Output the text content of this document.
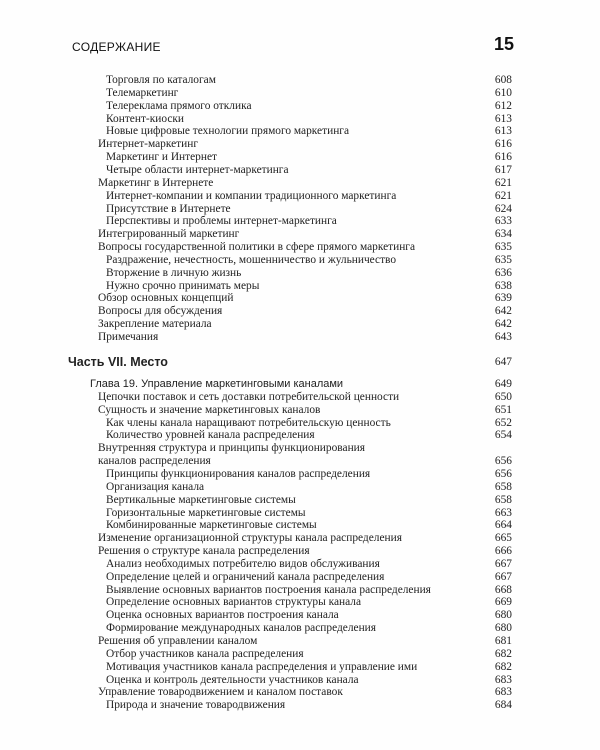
СОДЕРЖАНИЕ	15
Торговля по каталогам	608
Телемаркетинг	610
Телереклама прямого отклика	612
Контент-киоски	613
Новые цифровые технологии прямого маркетинга	613
Интернет-маркетинг	616
Маркетинг и Интернет	616
Четыре области интернет-маркетинга	617
Маркетинг в Интернете	621
Интернет-компании и компании традиционного маркетинга	621
Присутствие в Интернете	624
Перспективы и проблемы интернет-маркетинга	633
Интегрированный маркетинг	634
Вопросы государственной политики в сфере прямого маркетинга	635
Раздражение, нечестность, мошенничество и жульничество	635
Вторжение в личную жизнь	636
Нужно срочно принимать меры	638
Обзор основных концепций	639
Вопросы для обсуждения	642
Закрепление материала	642
Примечания	643
Часть VII. Место	647
Глава 19. Управление маркетинговыми каналами	649
Цепочки поставок и сеть доставки потребительской ценности	650
Сущность и значение маркетинговых каналов	651
Как члены канала наращивают потребительскую ценность	652
Количество уровней канала распределения	654
Внутренняя структура и принципы функционирования
каналов распределения	656
Принципы функционирования каналов распределения	656
Организация канала	658
Вертикальные маркетинговые системы	658
Горизонтальные маркетинговые системы	663
Комбинированные маркетинговые системы	664
Изменение организационной структуры канала распределения	665
Решения о структуре канала распределения	666
Анализ необходимых потребителю видов обслуживания	667
Определение целей и ограничений канала распределения	667
Выявление основных вариантов построения канала распределения	668
Определение основных вариантов структуры канала	669
Оценка основных вариантов построения канала	680
Формирование международных каналов распределения	680
Решения об управлении каналом	681
Отбор участников канала распределения	682
Мотивация участников канала распределения и управление ими	682
Оценка и контроль деятельности участников канала	683
Управление товародвижением и каналом поставок	683
Природа и значение товародвижения	684
